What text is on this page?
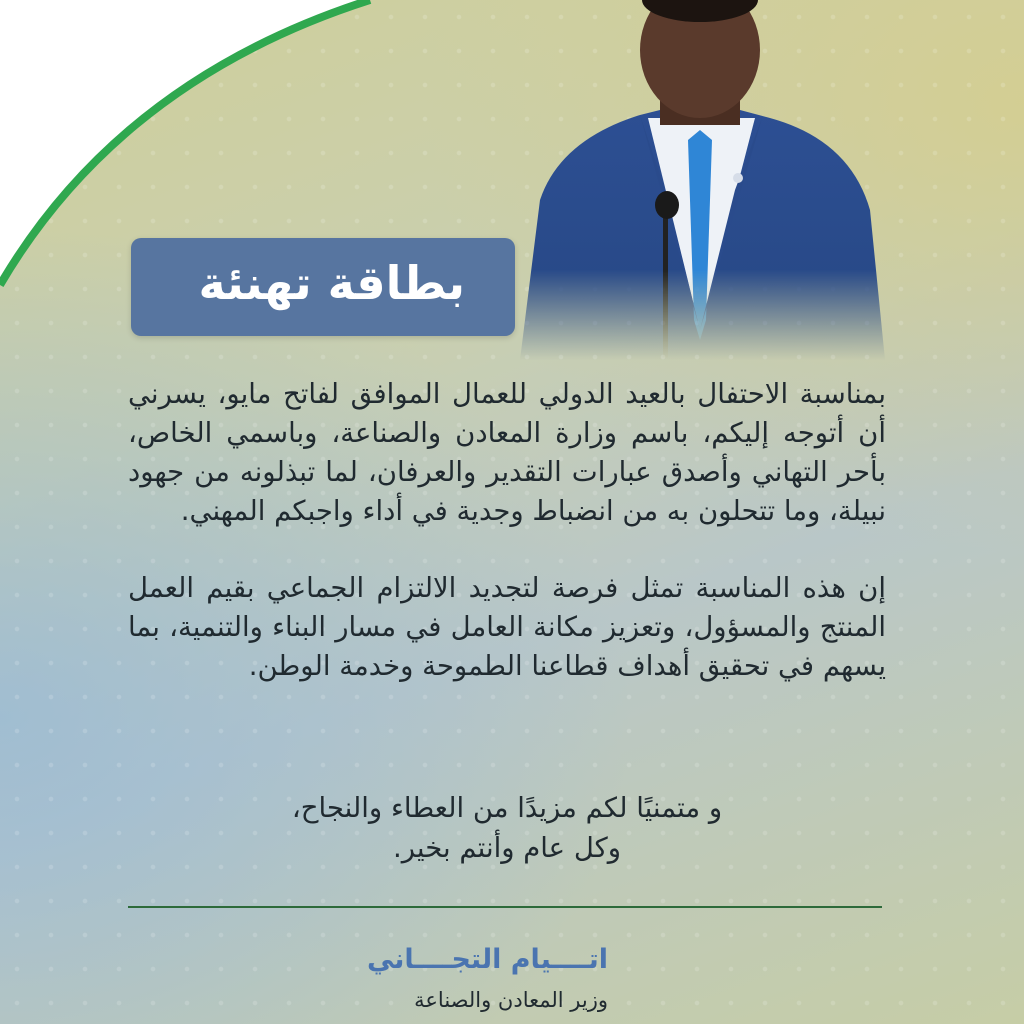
بطاقة تهنئة

بمناسبة الاحتفال بالعيد الدولي للعمال الموافق لفاتح مايو، يسرني أن أتوجه إليكم، باسم وزارة المعادن والصناعة، وباسمي الخاص، بأحر التهاني وأصدق عبارات التقدير والعرفان، لما تبذلونه من جهود نبيلة، وما تتحلون به من انضباط وجدية في أداء واجبكم المهني.

إن هذه المناسبة تمثل فرصة لتجديد الالتزام الجماعي بقيم العمل المنتج والمسؤول، وتعزيز مكانة العامل في مسار البناء والتنمية، بما يسهم في تحقيق أهداف قطاعنا الطموحة وخدمة الوطن.

و متمنيًا لكم مزيدًا من العطاء والنجاح،
وكل عام وأنتم بخير.
اتــــيام التجــــاني
وزير المعادن والصناعة
